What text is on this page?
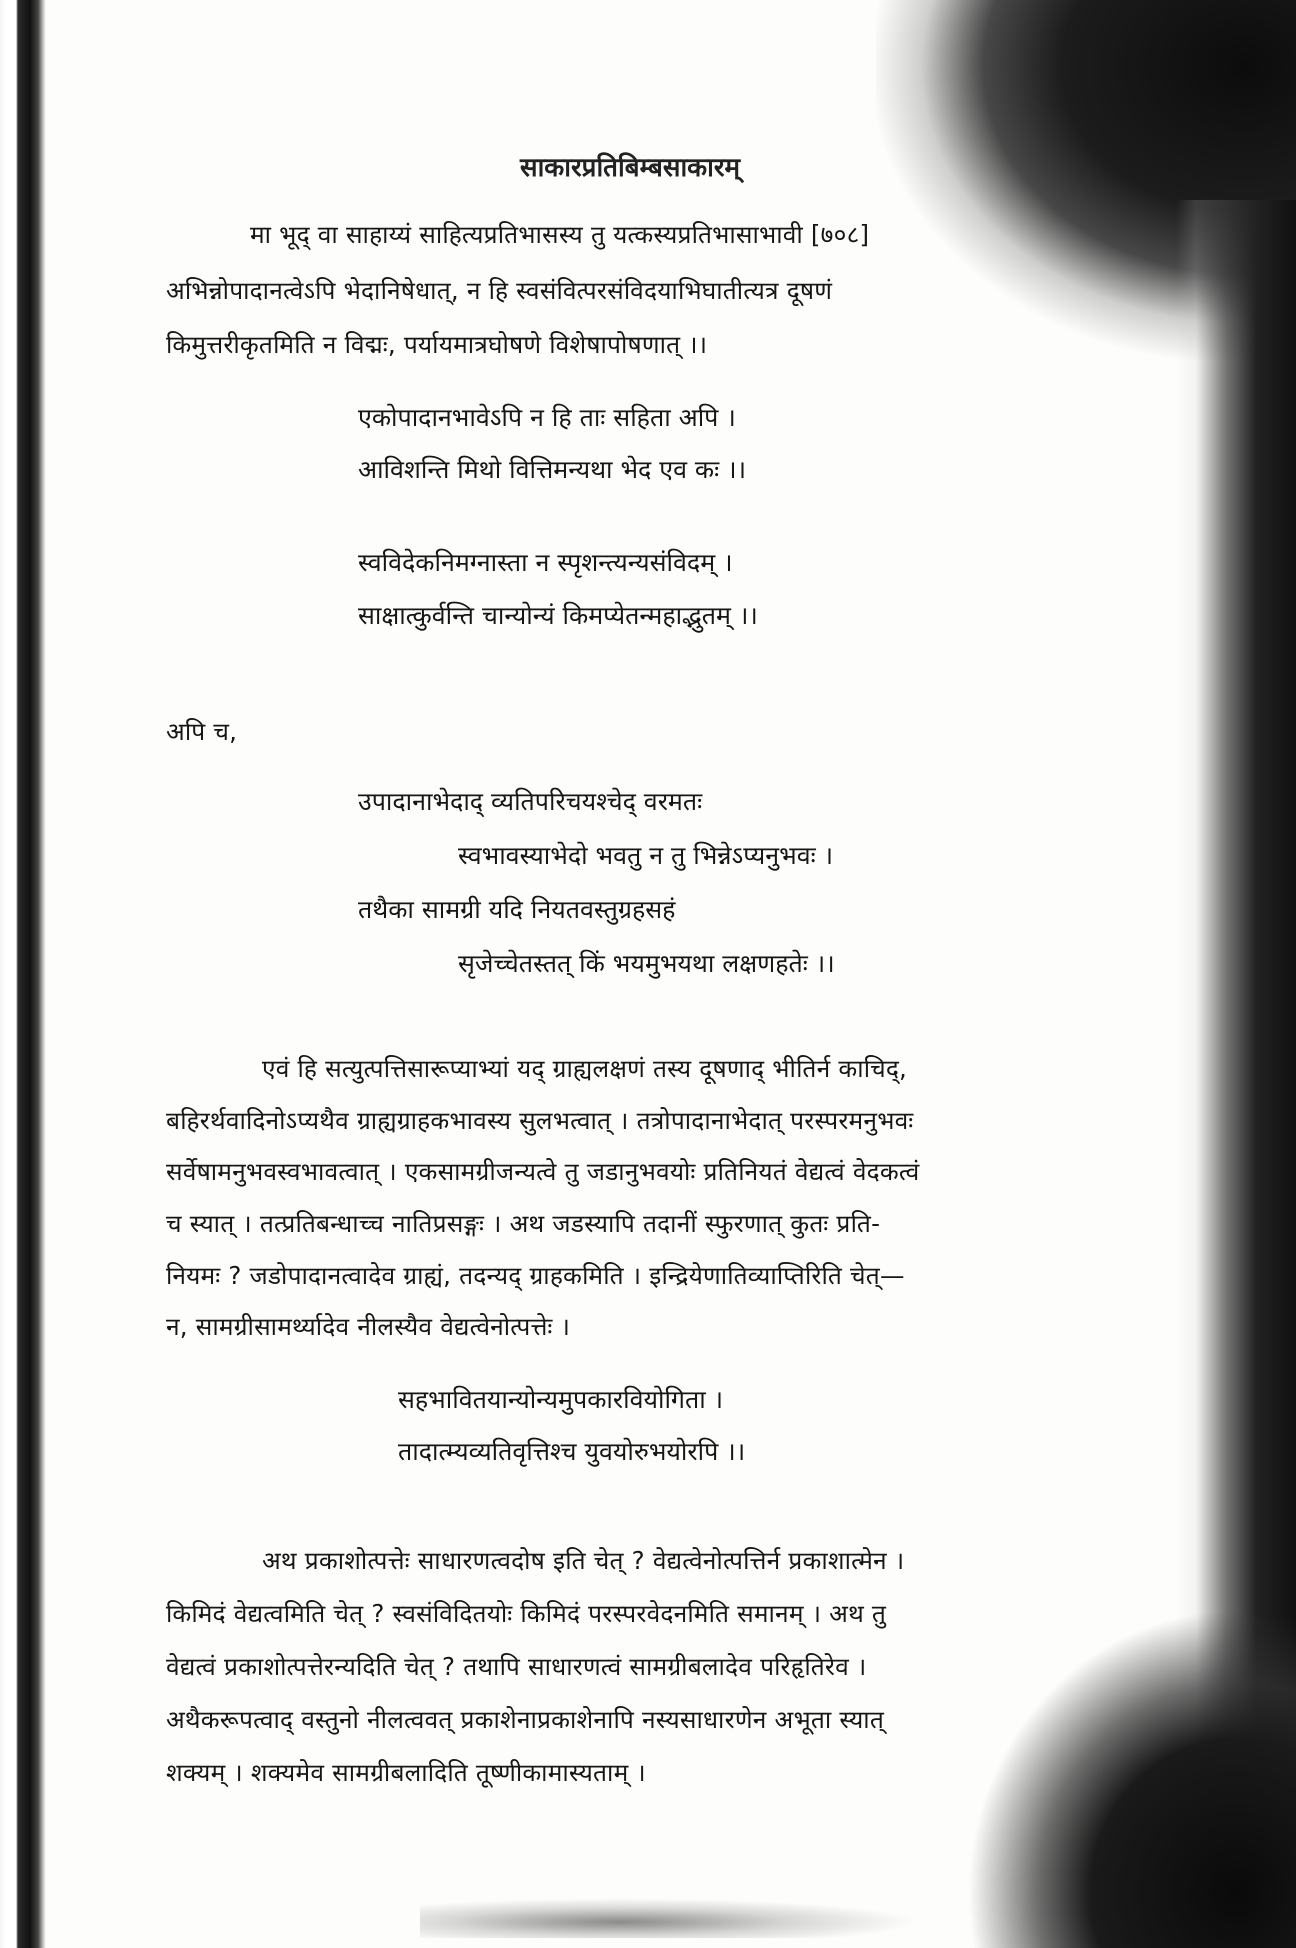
साकारप्रतिबिम्बसाकारम्

मा भूद् वा साहाय्यं साहित्यप्रतिभासस्य तु यत्कस्यप्रतिभासाभावी [७०८]

अभिन्नोपादानत्वेऽपि भेदानिषेधात्, न हि स्वसंवित्परसंविदयाभिघातीत्यत्र दूषणं

किमुत्तरीकृतमिति न विद्मः, पर्यायमात्रघोषणे विशेषापोषणात् ।।

एकोपादानभावेऽपि न हि ताः सहिता अपि ।

आविशन्ति मिथो वित्तिमन्यथा भेद एव कः ।।

स्वविदेकनिमग्नास्ता न स्पृशन्त्यन्यसंविदम् ।

साक्षात्कुर्वन्ति चान्योन्यं किमप्येतन्महाद्भुतम् ।।

अपि च,

उपादानाभेदाद् व्यतिपरिचयश्चेद् वरमतः

स्वभावस्याभेदो भवतु न तु भिन्नेऽप्यनुभवः ।

तथैका सामग्री यदि नियतवस्तुग्रहसहं

सृजेच्चेतस्तत् किं भयमुभयथा लक्षणहतेः ।।

एवं हि सत्युत्पत्तिसारूप्याभ्यां यद् ग्राह्यलक्षणं तस्य दूषणाद् भीतिर्न काचिद्,

बहिरर्थवादिनोऽप्यथैव ग्राह्यग्राहकभावस्य सुलभत्वात् । तत्रोपादानाभेदात् परस्परमनुभवः

सर्वेषामनुभवस्वभावत्वात् । एकसामग्रीजन्यत्वे तु जडानुभवयोः प्रतिनियतं वेद्यत्वं वेदकत्वं

च स्यात् । तत्प्रतिबन्धाच्च नातिप्रसङ्गः । अथ जडस्यापि तदानीं स्फुरणात् कुतः प्रति-

नियमः ? जडोपादानत्वादेव ग्राह्यं, तदन्यद् ग्राहकमिति । इन्द्रियेणातिव्याप्तिरिति चेत्—

न, सामग्रीसामर्थ्यादेव नीलस्यैव वेद्यत्वेनोत्पत्तेः ।

सहभावितयान्योन्यमुपकारवियोगिता ।

तादात्म्यव्यतिवृत्तिश्च युवयोरुभयोरपि ।।

अथ प्रकाशोत्पत्तेः साधारणत्वदोष इति चेत् ? वेद्यत्वेनोत्पत्तिर्न प्रकाशात्मेन ।

किमिदं वेद्यत्वमिति चेत् ? स्वसंविदितयोः किमिदं परस्परवेदनमिति समानम् । अथ तु

वेद्यत्वं प्रकाशोत्पत्तेरन्यदिति चेत् ? तथापि साधारणत्वं सामग्रीबलादेव परिहृतिरेव ।

अथैकरूपत्वाद् वस्तुनो नीलत्ववत् प्रकाशेनाप्रकाशेनापि नस्यसाधारणेन अभूता स्यात्

शक्यम् । शक्यमेव सामग्रीबलादिति तूष्णीकामास्यताम् ।
